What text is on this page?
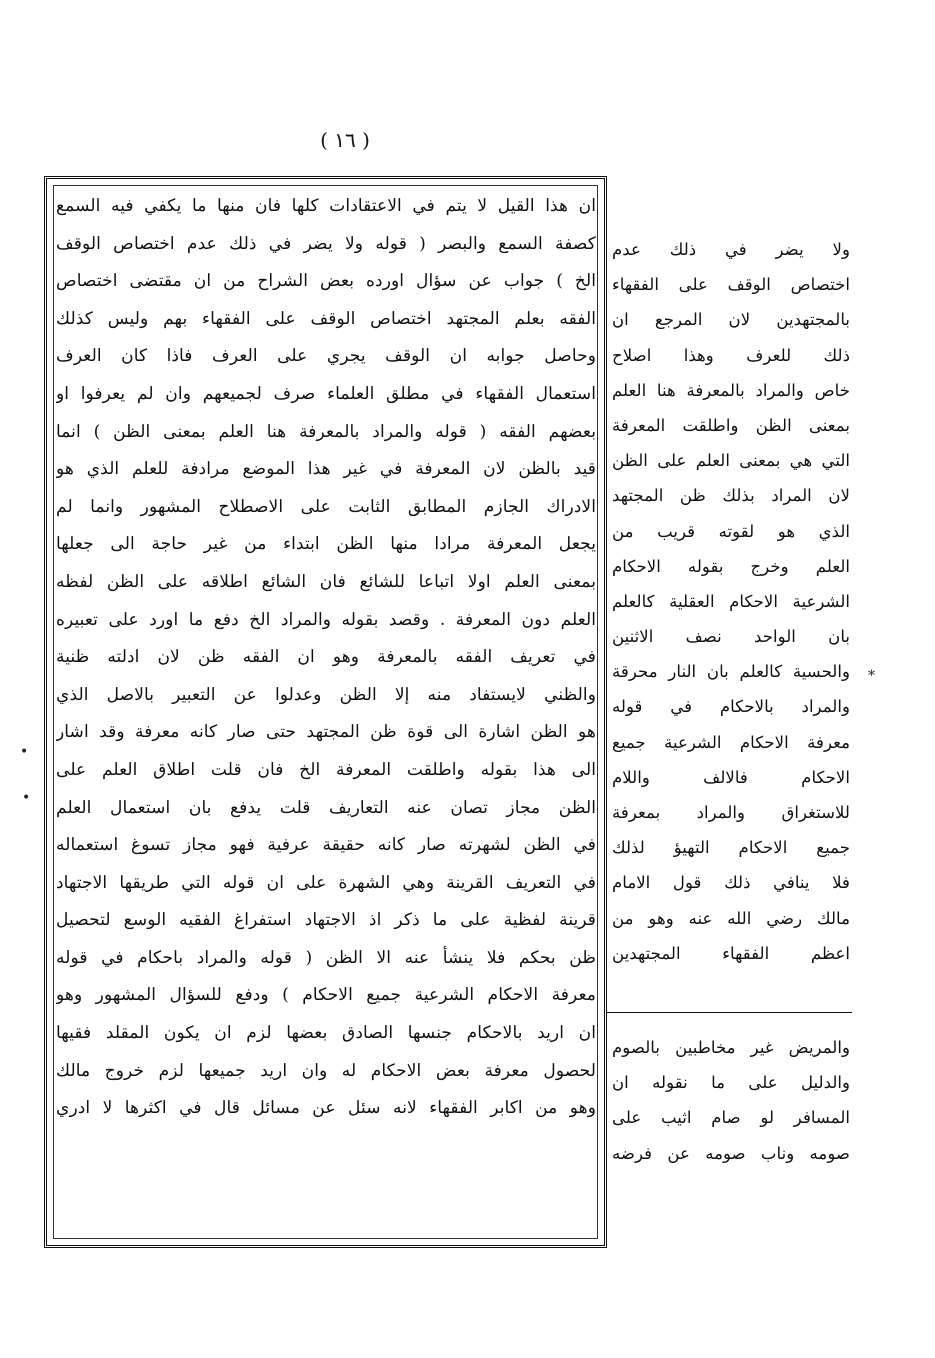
( ١٦ )
ان هذا القيل لا يتم في الاعتقادات كلها فان منها ما يكفي فيه السمع
كصفة السمع والبصر ( قوله ولا يضر في ذلك عدم اختصاص الوقف
الخ ) جواب عن سؤال اورده بعض الشراح من ان مقتضى اختصاص
الفقه بعلم المجتهد اختصاص الوقف على الفقهاء بهم وليس كذلك
وحاصل جوابه ان الوقف يجري على العرف فاذا كان العرف
استعمال الفقهاء في مطلق العلماء صرف لجميعهم وان لم يعرفوا او
بعضهم الفقه ( قوله والمراد بالمعرفة هنا العلم بمعنى الظن ) انما
قيد بالظن لان المعرفة في غير هذا الموضع مرادفة للعلم الذي هو
الادراك الجازم المطابق الثابت على الاصطلاح المشهور وانما لم
يجعل المعرفة مرادا منها الظن ابتداء من غير حاجة الى جعلها
بمعنى العلم اولا اتباعا للشائع فان الشائع اطلاقه على الظن لفظه
العلم دون المعرفة . وقصد بقوله والمراد الخ دفع ما اورد على تعبيره
في تعريف الفقه بالمعرفة وهو ان الفقه ظن لان ادلته ظنية
والظني لايستفاد منه إلا الظن وعدلوا عن التعبير بالاصل الذي
هو الظن اشارة الى قوة ظن المجتهد حتى صار كانه معرفة وقد اشار
الى هذا بقوله واطلقت المعرفة الخ فان قلت اطلاق العلم على
الظن مجاز تصان عنه التعاريف قلت يدفع بان استعمال العلم
في الظن لشهرته صار كانه حقيقة عرفية فهو مجاز تسوغ استعماله
في التعريف القرينة وهي الشهرة على ان قوله التي طريقها الاجتهاد
قرينة لفظية على ما ذكر اذ الاجتهاد استفراغ الفقيه الوسع لتحصيل
ظن بحكم فلا ينشأ عنه الا الظن ( قوله والمراد باحكام في قوله
معرفة الاحكام الشرعية جميع الاحكام ) ودفع للسؤال المشهور وهو
ان اريد بالاحكام جنسها الصادق بعضها لزم ان يكون المقلد فقيها
لحصول معرفة بعض الاحكام له وان اريد جميعها لزم خروج مالك
وهو من اكابر الفقهاء لانه سئل عن مسائل قال في اكثرها لا ادري
ولا يضر في ذلك عدم
اختصاص الوقف على الفقهاء
بالمجتهدين لان المرجع ان
ذلك للعرف وهذا اصلاح
خاص والمراد بالمعرفة هنا العلم
بمعنى الظن واطلقت المعرفة
التي هي بمعنى العلم على الظن
لان المراد بذلك ظن المجتهد
الذي هو لقوته قريب من
العلم وخرج بقوله الاحكام
الشرعية الاحكام العقلية كالعلم
بان الواحد نصف الاثنين
والحسية كالعلم بان النار محرقة
والمراد بالاحكام في قوله
معرفة الاحكام الشرعية جميع
الاحكام فالالف واللام
للاستغراق والمراد بمعرفة
جميع الاحكام التهيؤ لذلك
فلا ينافي ذلك قول الامام
مالك رضي الله عنه وهو من
اعظم الفقهاء المجتهدين
والمريض غير مخاطبين بالصوم
والدليل على ما نقوله ان
المسافر لو صام اثيب على
صومه وناب صومه عن فرضه
*
•
•
